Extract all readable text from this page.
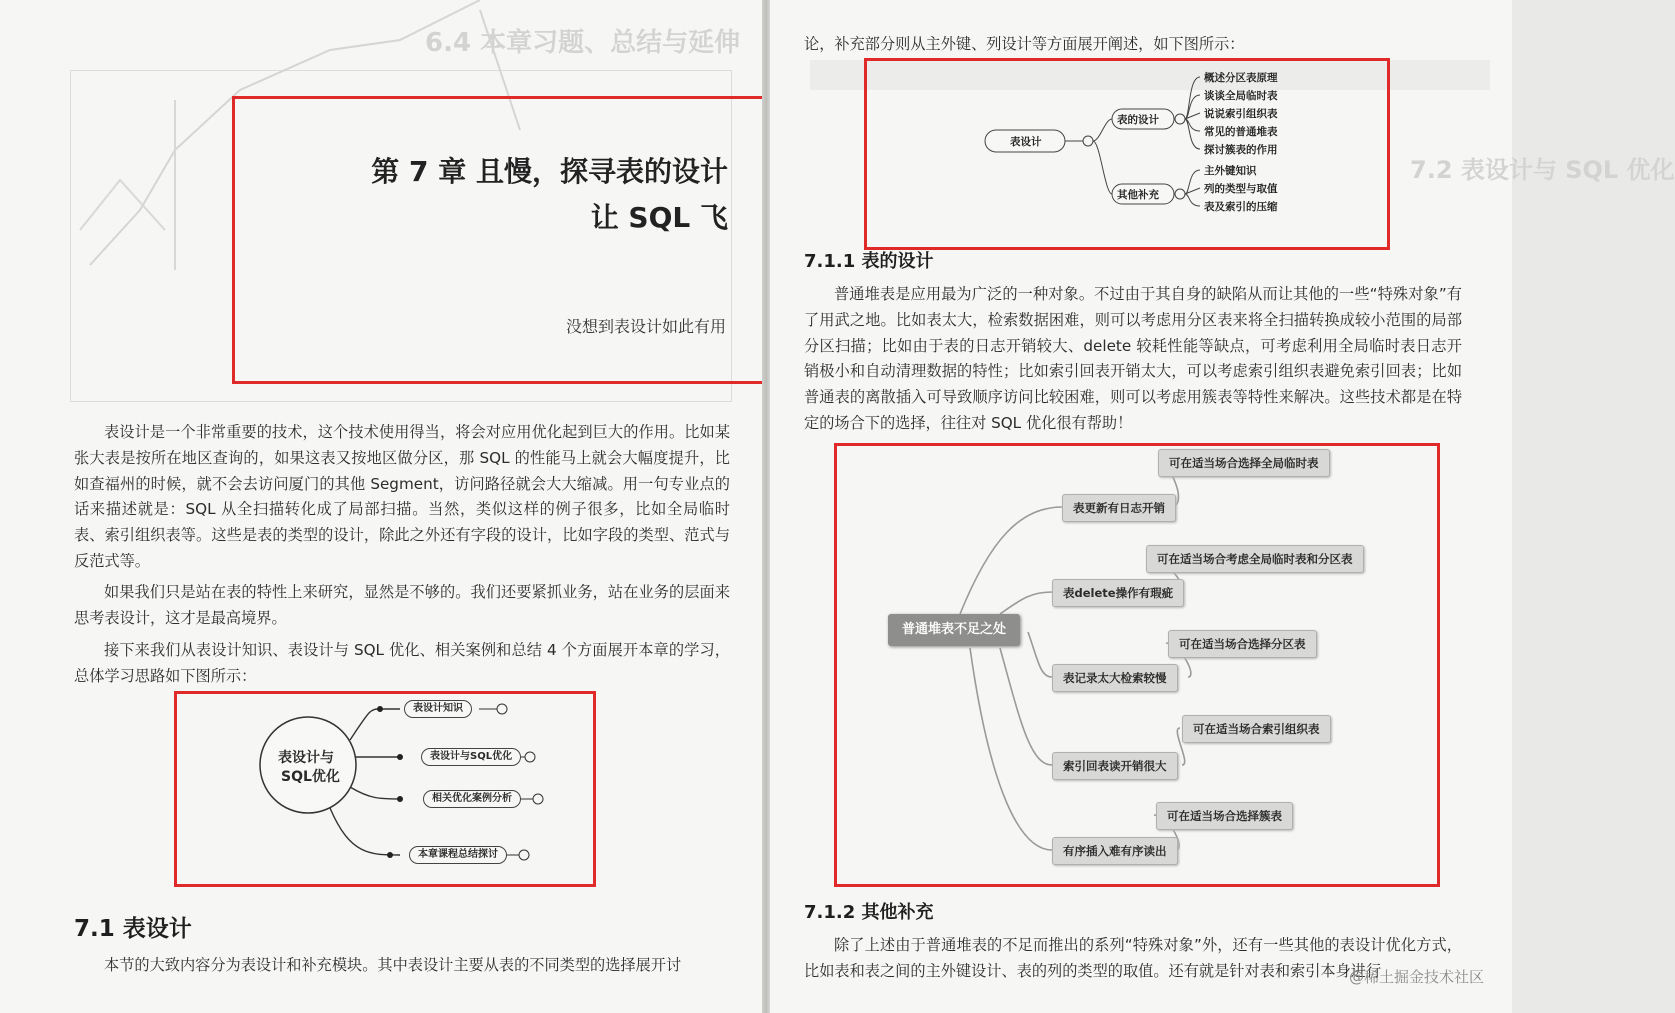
6.4 本章习题、总结与延伸
第 7 章 且慢，探寻表的设计
让 SQL 飞
没想到表设计如此有用

表设计是一个非常重要的技术，这个技术使用得当，将会对应用优化起到巨大的作用。比如某张大表是按所在地区查询的，如果这表又按地区做分区，那 SQL 的性能马上就会大幅度提升，比如查福州的时候，就不会去访问厦门的其他 Segment，访问路径就会大大缩减。用一句专业点的话来描述就是：SQL 从全扫描转化成了局部扫描。当然，类似这样的例子很多，比如全局临时表、索引组织表等。这些是表的类型的设计，除此之外还有字段的设计，比如字段的类型、范式与反范式等。

如果我们只是站在表的特性上来研究，显然是不够的。我们还要紧抓业务，站在业务的层面来思考表设计，这才是最高境界。

接下来我们从表设计知识、表设计与 SQL 优化、相关案例和总结 4 个方面展开本章的学习，总体学习思路如下图所示：

表设计与
SQL优化
表设计知识
表设计与SQL优化
相关优化案例分析
本章课程总结探讨
7.1 表设计

本节的大致内容分为表设计和补充模块。其中表设计主要从表的不同类型的选择展开讨

7.2 表设计与 SQL 优化

论，补充部分则从主外键、列设计等方面展开阐述，如下图所示：

表设计
表的设计
其他补充
概述分区表原理
谈谈全局临时表
说说索引组织表
常见的普通堆表
探讨簇表的作用
主外键知识
列的类型与取值
表及索引的压缩
7.1.1 表的设计

普通堆表是应用最为广泛的一种对象。不过由于其自身的缺陷从而让其他的一些“特殊对象”有了用武之地。比如表太大，检索数据困难，则可以考虑用分区表来将全扫描转换成较小范围的局部分区扫描；比如由于表的日志开销较大、delete 较耗性能等缺点，可考虑利用全局临时表日志开销极小和自动清理数据的特性；比如索引回表开销太大，可以考虑索引组织表避免索引回表；比如普通表的离散插入可导致顺序访问比较困难，则可以考虑用簇表等特性来解决。这些技术都是在特定的场合下的选择，往往对 SQL 优化很有帮助！

普通堆表不足之处
表更新有日志开销
表delete操作有瑕疵
表记录太大检索较慢
索引回表读开销很大
有序插入难有序读出
可在适当场合选择全局临时表
可在适当场合考虑全局临时表和分区表
可在适当场合选择分区表
可在适当场合索引组织表
可在适当场合选择簇表
7.1.2 其他补充

除了上述由于普通堆表的不足而推出的系列“特殊对象”外，还有一些其他的表设计优化方式，比如表和表之间的主外键设计、表的列的类型的取值。还有就是针对表和索引本身进行

@稀土掘金技术社区
